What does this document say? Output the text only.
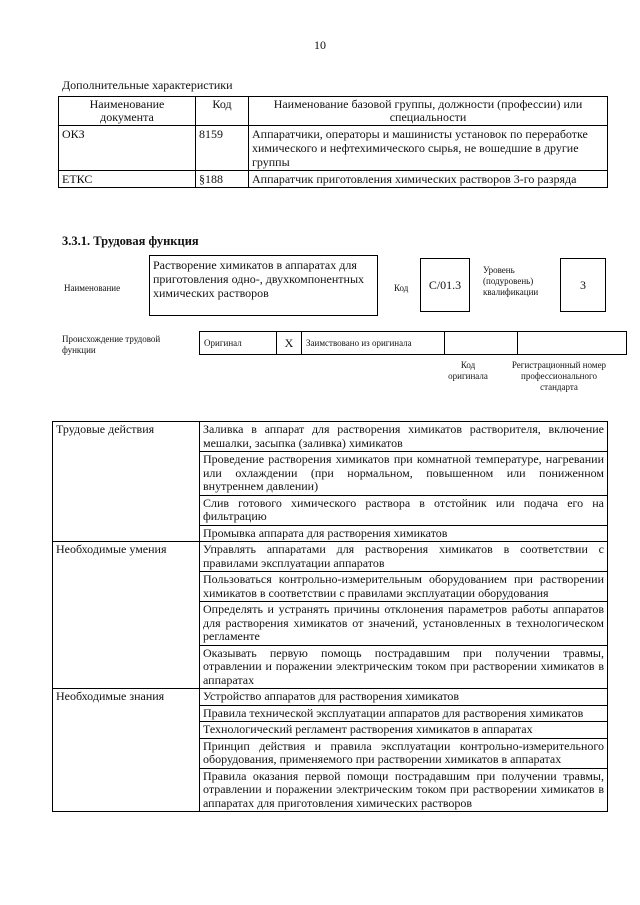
10
Дополнительные характеристики
Наименование документа	Код	Наименование базовой группы, должности (профессии) или специальности
ОКЗ	8159	Аппаратчики, операторы и машинисты установок по переработке химического и нефтехимического сырья, не вошедшие в другие группы
ЕТКС	§188	Аппаратчик приготовления химических растворов 3-го разряда
3.3.1. Трудовая функция
Наименование
Растворение химикатов в аппаратах для приготовления одно-, двухкомпонентных химических растворов	Код	C/01.3
Уровень (подуровень) квалификации	3
Происхождение трудовой функции
Оригинал	X	Заимствовано из оригинала		
Код оригинала
Регистрационный номер профессионального стандарта
Трудовые действия	Заливка в аппарат для растворения химикатов растворителя, включение мешалки, засыпка (заливка) химикатов
	Проведение растворения химикатов при комнатной температуре, нагревании или охлаждении (при нормальном, повышенном или пониженном внутреннем давлении)
	Слив готового химического раствора в отстойник или подача его на фильтрацию
	Промывка аппарата для растворения химикатов
Необходимые умения	Управлять аппаратами для растворения химикатов в соответствии с правилами эксплуатации аппаратов
	Пользоваться контрольно-измерительным оборудованием при растворении химикатов в соответствии с правилами эксплуатации оборудования
	Определять и устранять причины отклонения параметров работы аппаратов для растворения химикатов от значений, установленных в технологическом регламенте
	Оказывать первую помощь пострадавшим при получении травмы, отравлении и поражении электрическим током при растворении химикатов в аппаратах
Необходимые знания	Устройство аппаратов для растворения химикатов
	Правила технической эксплуатации аппаратов для растворения химикатов
	Технологический регламент растворения химикатов в аппаратах
	Принцип действия и правила эксплуатации контрольно-измерительного оборудования, применяемого при растворении химикатов в аппаратах
	Правила оказания первой помощи пострадавшим при получении травмы, отравлении и поражении электрическим током при растворении химикатов в аппаратах для приготовления химических растворов
